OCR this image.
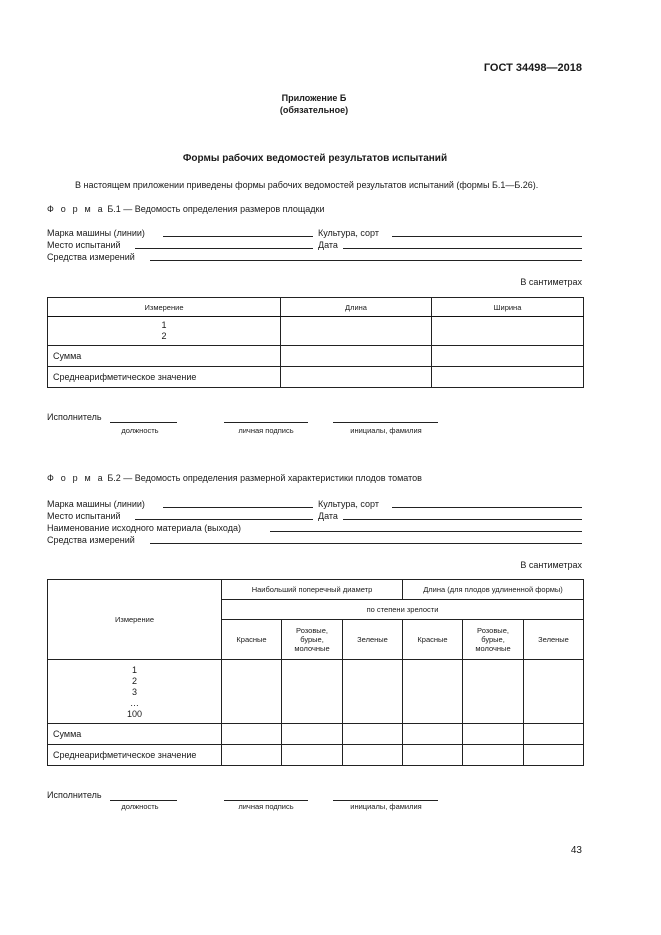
ГОСТ 34498—2018
Приложение Б
(обязательное)
Формы рабочих ведомостей результатов испытаний
В настоящем приложении приведены формы рабочих ведомостей результатов испытаний (формы Б.1—Б.26).
Ф о р м а Б.1 — Ведомость определения размеров площадки
Марка машины (линии)	Культура, сорт
Место испытаний	Дата
Средства измерений
В сантиметрах
Измерение	Длина	Ширина

1
2		

Сумма		
Среднеарифметическое значение		
Исполнитель
должность	личная подпись	инициалы, фамилия
Ф о р м а Б.2 — Ведомость определения размерной характеристики плодов томатов
Марка машины (линии)	Культура, сорт
Место испытаний	Дата
Наименование исходного материала (выхода)
Средства измерений
В сантиметрах
Измерение	Наибольший поперечный диаметр			Длина (для плодов удлиненной формы)		
	по степени зрелости					
	Красные	Розовые, бурые, молочные	Зеленые	Красные	Розовые, бурые, молочные	Зеленые

1
2
3
…
100						

Сумма						
Среднеарифметическое значение						
Исполнитель
должность	личная подпись	инициалы, фамилия
43
